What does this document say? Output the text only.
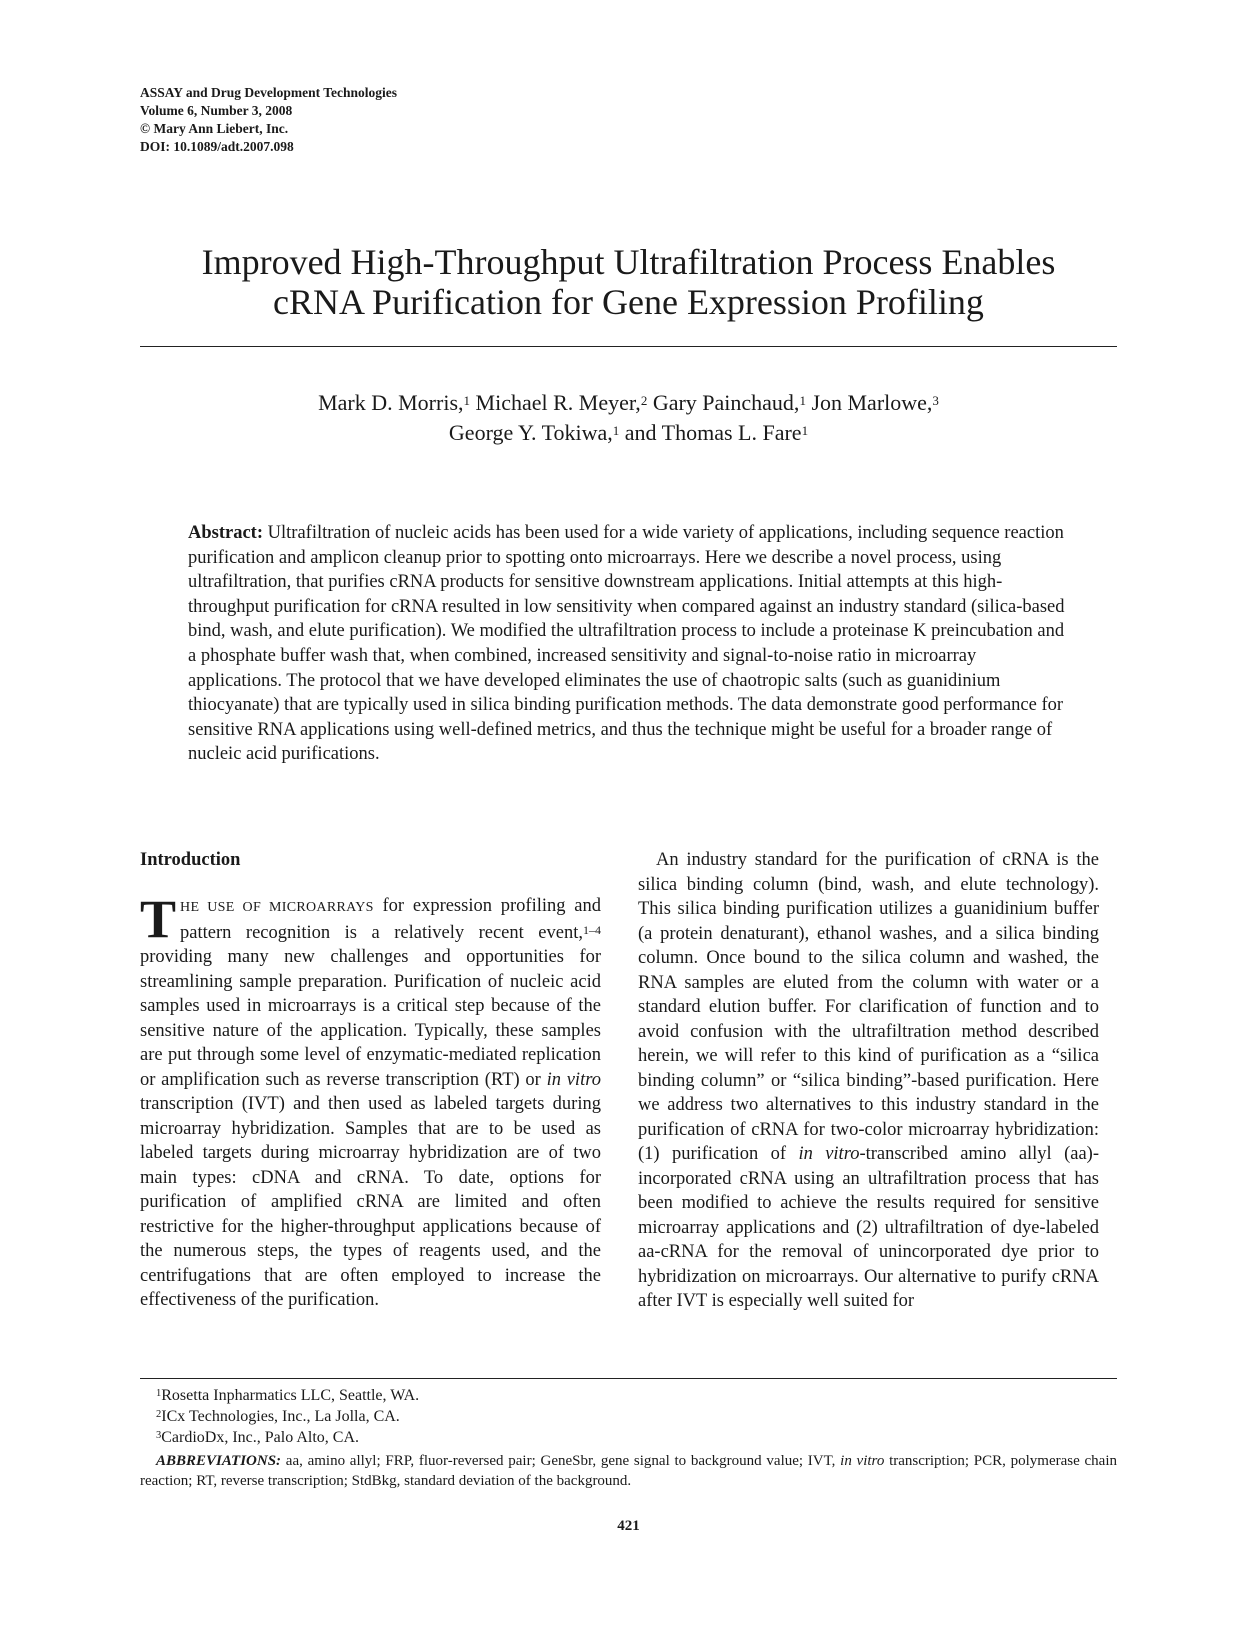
ASSAY and Drug Development Technologies
Volume 6, Number 3, 2008
© Mary Ann Liebert, Inc.
DOI: 10.1089/adt.2007.098
Improved High-Throughput Ultrafiltration Process Enables
cRNA Purification for Gene Expression Profiling
Mark D. Morris,$^1$ Michael R. Meyer,$^2$ Gary Painchaud,$^1$ Jon Marlowe,$^3$
George Y. Tokiwa,$^1$ and Thomas L. Fare$^1$

Abstract: Ultrafiltration of nucleic acids has been used for a wide variety of applications, including sequence reaction purification and amplicon cleanup prior to spotting onto microarrays. Here we describe a novel process, using ultrafiltration, that purifies cRNA products for sensitive downstream applications. Initial attempts at this high-throughput purification for cRNA resulted in low sensitivity when compared against an industry standard (silica-based bind, wash, and elute purification). We modified the ultrafiltration process to include a proteinase K preincubation and a phosphate buffer wash that, when combined, increased sensitivity and signal-to-noise ratio in microarray applications. The protocol that we have developed eliminates the use of chaotropic salts (such as guanidinium thiocyanate) that are typically used in silica binding purification methods. The data demonstrate good performance for sensitive RNA applications using well-defined metrics, and thus the technique might be useful for a broader range of nucleic acid purifications.

Introduction

THE USE OF MICROARRAYS for expression profiling and pattern recognition is a relatively recent event,$^{1-4}$ providing many new challenges and opportunities for streamlining sample preparation. Purification of nucleic acid samples used in microarrays is a critical step because of the sensitive nature of the application. Typically, these samples are put through some level of enzymatic-mediated replication or amplification such as reverse transcription (RT) or in vitro transcription (IVT) and then used as labeled targets during microarray hybridization. Samples that are to be used as labeled targets during microarray hybridization are of two main types: cDNA and cRNA. To date, options for purification of amplified cRNA are limited and often restrictive for the higher-throughput applications because of the numerous steps, the types of reagents used, and the centrifugations that are often employed to increase the effectiveness of the purification.

An industry standard for the purification of cRNA is the silica binding column (bind, wash, and elute technology). This silica binding purification utilizes a guanidinium buffer (a protein denaturant), ethanol washes, and a silica binding column. Once bound to the silica column and washed, the RNA samples are eluted from the column with water or a standard elution buffer. For clarification of function and to avoid confusion with the ultrafiltration method described herein, we will refer to this kind of purification as a “silica binding column” or “silica binding”-based purification. Here we address two alternatives to this industry standard in the purification of cRNA for two-color microarray hybridization: (1) purification of in vitro-transcribed amino allyl (aa)-incorporated cRNA using an ultrafiltration process that has been modified to achieve the results required for sensitive microarray applications and (2) ultrafiltration of dye-labeled aa-cRNA for the removal of unincorporated dye prior to hybridization on microarrays. Our alternative to purify cRNA after IVT is especially well suited for

$^1$Rosetta Inpharmatics LLC, Seattle, WA.
$^2$ICx Technologies, Inc., La Jolla, CA.
$^3$CardioDx, Inc., Palo Alto, CA.
ABBREVIATIONS: aa, amino allyl; FRP, fluor-reversed pair; GeneSbr, gene signal to background value; IVT, in vitro transcription; PCR, polymerase chain reaction; RT, reverse transcription; StdBkg, standard deviation of the background.
421
